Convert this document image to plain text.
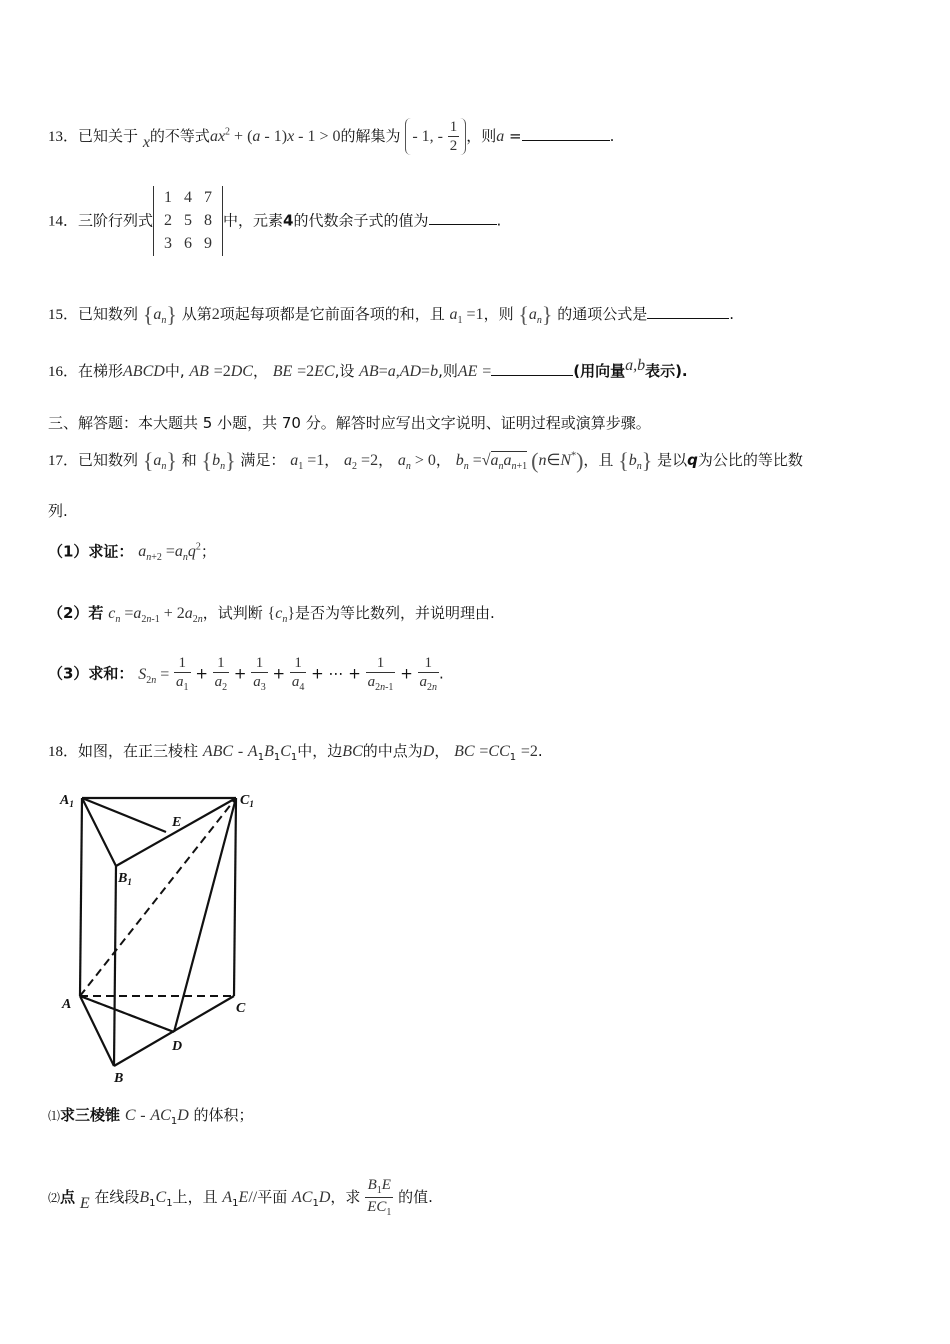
13．已知关于 x的不等式$ax^2 + (a - 1)x - 1 > 0$的解集为 - 1, - $\frac{1}{2}$ ，则a =	.
14．三阶行列式
1	4	7
2	5	8
3	6	9
中，元素4的代数余子式的值为	.
15．已知数列 $\{a_n\}$ 从第2项起每项都是它前面各项的和，且 $a_1 =1$，则 $\{a_n\}$ 的通项公式是	.
16．在梯形ABCD中, AB =2DC， BE =2EC,设 AB=a,AD=b,则AE =	(用向量a,b表示).
三、解答题：本大题共 5 小题，共 70 分。解答时应写出文字说明、证明过程或演算步骤。
17．已知数列 $\{a_n\}$ 和 $\{b_n\}$ 满足： $a_1 =1$， $a_2 =2$， $a_n > 0$， $b_n =√a_na_{n+1}$ (n∈N*)，且 $\{b_n\}$ 是以q为公比的等比数
列.
（1）求证： $a_{n+2} =a_nq^2$；
（2）若 $c_n =a_{2n-1} + 2a_{2n}$，试判断 $\{c_n\}$是否为等比数列，并说明理由.
（3）求和： $S_{2n} = \frac{1}{a_1} + \frac{1}{a_2} + \frac{1}{a_3} + \frac{1}{a_4}$ + ⋯ + $\frac{1}{a_{2n-1}} + \frac{1}{a_{2n}}$ .
18．如图，在正三棱柱 ABC - $A_1B_1C_1$中，边BC的中点为D， BC $=CC_1 =2$.
$A_1$	$C_1$
$B_1$
E
A	C
D
B
⑴求三棱锥 C - $AC_1D$ 的体积；
⑵点 E 在线段$B_1C_1$上，且 $A_1E//$平面 $AC_1D$，求 $\frac{B_1E}{EC_1}$ 的值.
